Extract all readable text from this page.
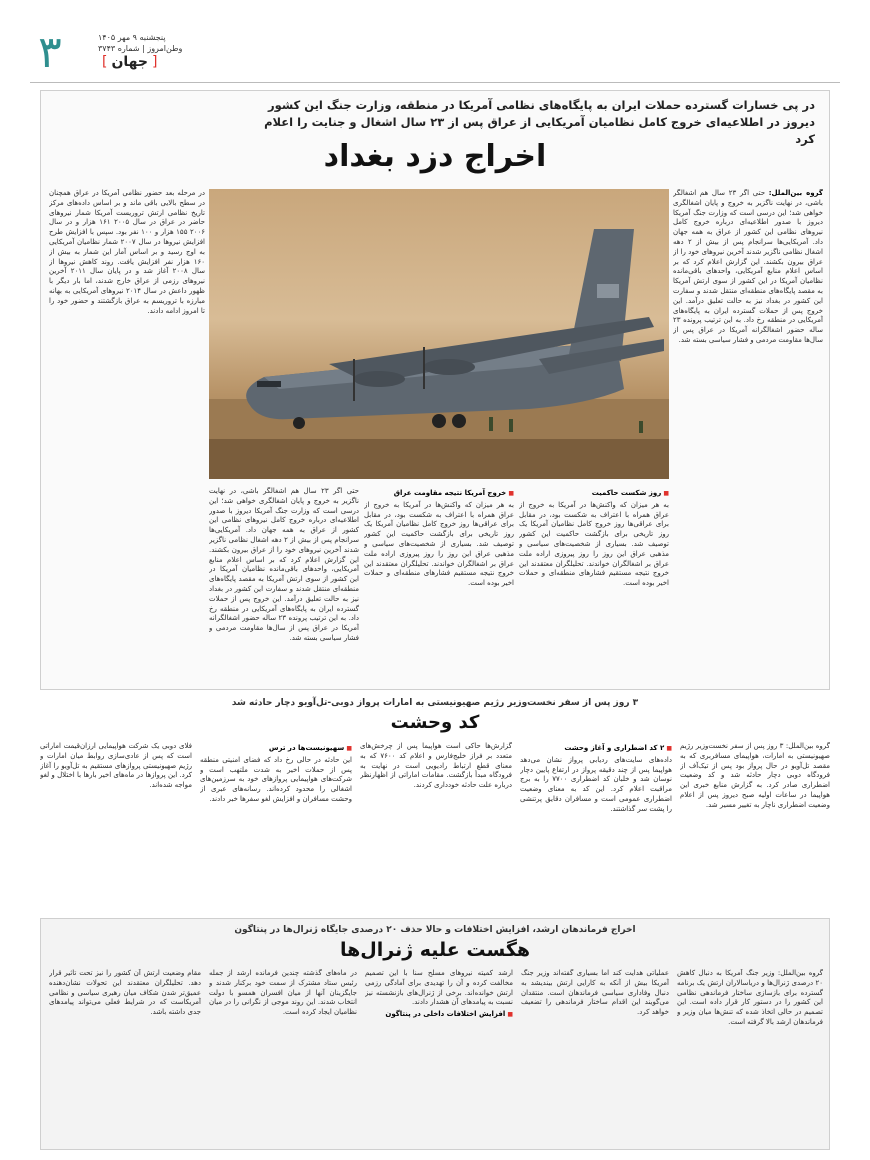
۳	پنجشنبه ۹ مهر ۱۴۰۵
وطن‌امروز | شماره ۳۷۴۳
[ جهان ]
در پی خسارات گسترده حملات ایران به پایگاه‌های نظامی آمریکا در منطقه، وزارت جنگ این کشور
دیروز در اطلاعیه‌ای خروج کامل نظامیان آمریکایی از عراق پس از ۲۳ سال اشغال و جنایت را اعلام کرد
اخراج دزد بغداد
گروه بین‌الملل: حتی اگر ۲۳ سال هم اشغالگر باشی، در نهایت ناگزیر به خروج و پایان اشغالگری خواهی شد؛ این درسی است که وزارت جنگ آمریکا دیروز با صدور اطلاعیه‌ای درباره خروج کامل نیروهای نظامی این کشور از عراق به همه جهان داد. آمریکایی‌ها سرانجام پس از بیش از ۲ دهه اشغال نظامی ناگزیر شدند آخرین نیروهای خود را از عراق بیرون بکشند. این گزارش اعلام کرد که بر اساس اعلام منابع آمریکایی، واحدهای باقی‌مانده نظامیان آمریکا در این کشور از سوی ارتش آمریکا به مقصد پایگاه‌های منطقه‌ای منتقل شدند و سفارت این کشور در بغداد نیز به حالت تعلیق درآمد. این خروج پس از حملات گسترده ایران به پایگاه‌های آمریکایی در منطقه رخ داد. به این ترتیب پرونده ۲۳ ساله حضور اشغالگرانه آمریکا در عراق پس از سال‌ها مقاومت مردمی و فشار سیاسی بسته شد.
در مرحله بعد حضور نظامی آمریکا در عراق همچنان در سطح بالایی باقی ماند و بر اساس داده‌های مرکز تاریخ نظامی ارتش تروریست آمریکا شمار نیروهای حاضر در عراق در سال ۲۰۰۵ ۱۶۱ هزار و در سال ۲۰۰۶ ۱۵۵ هزار و ۱۰۰ نفر بود. سپس با افزایش طرح افزایش نیروها در سال ۲۰۰۷ شمار نظامیان آمریکایی به اوج رسید و بر اساس آمار این شمار به بیش از ۱۶۰ هزار نفر افزایش یافت. روند کاهش نیروها از سال ۲۰۰۸ آغاز شد و در پایان سال ۲۰۱۱ آخرین نیروهای رزمی از عراق خارج شدند، اما بار دیگر با ظهور داعش در سال ۲۰۱۴ نیروهای آمریکایی به بهانه مبارزه با تروریسم به عراق بازگشتند و حضور خود را تا امروز ادامه دادند.
■ روز شکست حاکمیت
به هر میزان که واکنش‌ها در آمریکا به خروج از عراق همراه با اعتراف به شکست بود، در مقابل برای عراقی‌ها روز خروج کامل نظامیان آمریکا یک روز تاریخی برای بازگشت حاکمیت این کشور توصیف شد. بسیاری از شخصیت‌های سیاسی و مذهبی عراق این روز را روز پیروزی اراده ملت عراق بر اشغالگران خواندند. تحلیلگران معتقدند این خروج نتیجه مستقیم فشارهای منطقه‌ای و حملات اخیر بوده است.
■ خروج آمریکا نتیجه مقاومت عراق
به هر میزان که واکنش‌ها در آمریکا به خروج از عراق همراه با اعتراف به شکست بود، در مقابل برای عراقی‌ها روز خروج کامل نظامیان آمریکا یک روز تاریخی برای بازگشت حاکمیت این کشور توصیف شد. بسیاری از شخصیت‌های سیاسی و مذهبی عراق این روز را روز پیروزی اراده ملت عراق بر اشغالگران خواندند. تحلیلگران معتقدند این خروج نتیجه مستقیم فشارهای منطقه‌ای و حملات اخیر بوده است.
حتی اگر ۲۳ سال هم اشغالگر باشی، در نهایت ناگزیر به خروج و پایان اشغالگری خواهی شد؛ این درسی است که وزارت جنگ آمریکا دیروز با صدور اطلاعیه‌ای درباره خروج کامل نیروهای نظامی این کشور از عراق به همه جهان داد. آمریکایی‌ها سرانجام پس از بیش از ۲ دهه اشغال نظامی ناگزیر شدند آخرین نیروهای خود را از عراق بیرون بکشند. این گزارش اعلام کرد که بر اساس اعلام منابع آمریکایی، واحدهای باقی‌مانده نظامیان آمریکا در این کشور از سوی ارتش آمریکا به مقصد پایگاه‌های منطقه‌ای منتقل شدند و سفارت این کشور در بغداد نیز به حالت تعلیق درآمد. این خروج پس از حملات گسترده ایران به پایگاه‌های آمریکایی در منطقه رخ داد. به این ترتیب پرونده ۲۳ ساله حضور اشغالگرانه آمریکا در عراق پس از سال‌ها مقاومت مردمی و فشار سیاسی بسته شد.
۳ روز پس از سفر نخست‌وزیر رژیم صهیونیستی به امارات پرواز دوبی-تل‌آویو دچار حادثه شد
کد وحشت
گروه بین‌الملل: ۳ روز پس از سفر نخست‌وزیر رژیم صهیونیستی به امارات، هواپیمای مسافربری که به مقصد تل‌آویو در حال پرواز بود پس از تیک‌آف از فرودگاه دوبی دچار حادثه شد و کد وضعیت اضطراری صادر کرد. به گزارش منابع خبری این هواپیما در ساعات اولیه صبح دیروز پس از اعلام وضعیت اضطراری ناچار به تغییر مسیر شد.
■ ۲ کد اضطراری و آغاز وحشت
داده‌های سایت‌های ردیابی پرواز نشان می‌دهد هواپیما پس از چند دقیقه پرواز در ارتفاع پایین دچار نوسان شد و خلبان کد اضطراری ۷۷۰۰ را به برج مراقبت اعلام کرد. این کد به معنای وضعیت اضطراری عمومی است و مسافران دقایق پرتنشی را پشت سر گذاشتند.
گزارش‌ها حاکی است هواپیما پس از چرخش‌های متعدد بر فراز خلیج‌فارس و اعلام کد ۷۶۰۰ که به معنای قطع ارتباط رادیویی است در نهایت به فرودگاه مبدأ بازگشت. مقامات اماراتی از اظهارنظر درباره علت حادثه خودداری کردند.
■ سهیونیست‌ها در ترس
این حادثه در حالی رخ داد که فضای امنیتی منطقه پس از حملات اخیر به شدت ملتهب است و شرکت‌های هواپیمایی پروازهای خود به سرزمین‌های اشغالی را محدود کرده‌اند. رسانه‌های عبری از وحشت مسافران و افزایش لغو سفرها خبر دادند.
فلای دوبی یک شرکت هواپیمایی ارزان‌قیمت اماراتی است که پس از عادی‌سازی روابط میان امارات و رژیم صهیونیستی پروازهای مستقیم به تل‌آویو را آغاز کرد. این پروازها در ماه‌های اخیر بارها با اختلال و لغو مواجه شده‌اند.
اخراج فرماندهان ارشد، افزایش اختلافات و حالا حذف ۲۰ درصدی جایگاه ژنرال‌ها در پنتاگون
هگست علیه ژنرال‌ها
گروه بین‌الملل: وزیر جنگ آمریکا به دنبال کاهش ۲۰ درصدی ژنرال‌ها و دریاسالاران ارتش یک برنامه گسترده برای بازسازی ساختار فرماندهی نظامی این کشور را در دستور کار قرار داده است. این تصمیم در حالی اتخاذ شده که تنش‌ها میان وزیر و فرماندهان ارشد بالا گرفته است.
عملیاتی هدایت کند اما بسیاری گفته‌اند وزیر جنگ آمریکا بیش از آنکه به کارایی ارتش بیندیشد به دنبال وفاداری سیاسی فرماندهان است. منتقدان می‌گویند این اقدام ساختار فرماندهی را تضعیف خواهد کرد.
ارشد کمیته نیروهای مسلح سنا با این تصمیم مخالفت کرده و آن را تهدیدی برای آمادگی رزمی ارتش خوانده‌اند. برخی از ژنرال‌های بازنشسته نیز نسبت به پیامدهای آن هشدار دادند.
■ افزایش اختلافات داخلی در پنتاگون
در ماه‌های گذشته چندین فرمانده ارشد از جمله رئیس ستاد مشترک از سمت خود برکنار شدند و جایگزینان آنها از میان افسران همسو با دولت انتخاب شدند. این روند موجی از نگرانی را در میان نظامیان ایجاد کرده است.
مقام وضعیت ارتش آن کشور را نیز تحت تأثیر قرار دهد. تحلیلگران معتقدند این تحولات نشان‌دهنده عمیق‌تر شدن شکاف میان رهبری سیاسی و نظامی آمریکاست که در شرایط فعلی می‌تواند پیامدهای جدی داشته باشد.
